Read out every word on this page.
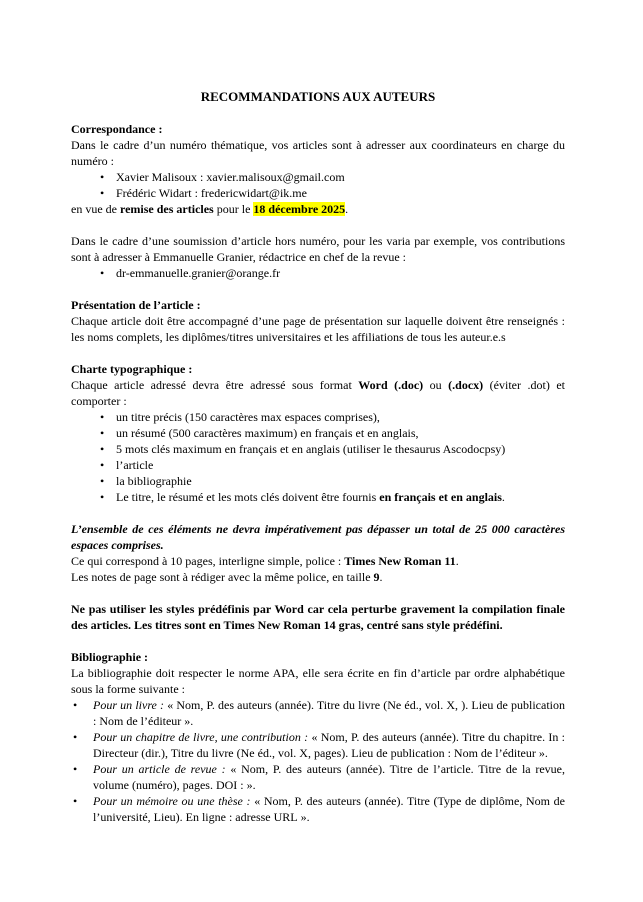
RECOMMANDATIONS AUX AUTEURS

Correspondance :

Dans le cadre d’un numéro thématique, vos articles sont à adresser aux coordinateurs en charge du numéro :

• Xavier Malisoux : xavier.malisoux@gmail.com
• Frédéric Widart : fredericwidart@ik.me

en vue de remise des articles pour le 18 décembre 2025.

Dans le cadre d’une soumission d’article hors numéro, pour les varia par exemple, vos contributions sont à adresser à Emmanuelle Granier, rédactrice en chef de la revue :

• dr-emmanuelle.granier@orange.fr

Présentation de l’article :

Chaque article doit être accompagné d’une page de présentation sur laquelle doivent être renseignés : les noms complets, les diplômes/titres universitaires et les affiliations de tous les auteur.e.s

Charte typographique :

Chaque article adressé devra être adressé sous format Word (.doc) ou (.docx) (éviter .dot) et comporter :

• un titre précis (150 caractères max espaces comprises),
• un résumé (500 caractères maximum) en français et en anglais,
• 5 mots clés maximum en français et en anglais (utiliser le thesaurus Ascodocpsy)
• l’article
• la bibliographie
• Le titre, le résumé et les mots clés doivent être fournis en français et en anglais.

L’ensemble de ces éléments ne devra impérativement pas dépasser un total de 25 000 caractères espaces comprises.

Ce qui correspond à 10 pages, interligne simple, police : Times New Roman 11.

Les notes de page sont à rédiger avec la même police, en taille 9.

Ne pas utiliser les styles prédéfinis par Word car cela perturbe gravement la compilation finale des articles. Les titres sont en Times New Roman 14 gras, centré sans style prédéfini.

Bibliographie :

La bibliographie doit respecter le norme APA, elle sera écrite en fin d’article par ordre alphabétique sous la forme suivante :

• Pour un livre : « Nom, P. des auteurs (année). Titre du livre (Ne éd., vol. X, ). Lieu de publication : Nom de l’éditeur ».
• Pour un chapitre de livre, une contribution : « Nom, P. des auteurs (année). Titre du chapitre. In : Directeur (dir.), Titre du livre (Ne éd., vol. X, pages). Lieu de publication : Nom de l’éditeur ».
• Pour un article de revue : « Nom, P. des auteurs (année). Titre de l’article. Titre de la revue, volume (numéro), pages. DOI : ».
• Pour un mémoire ou une thèse : « Nom, P. des auteurs (année). Titre (Type de diplôme, Nom de l’université, Lieu). En ligne : adresse URL ».
